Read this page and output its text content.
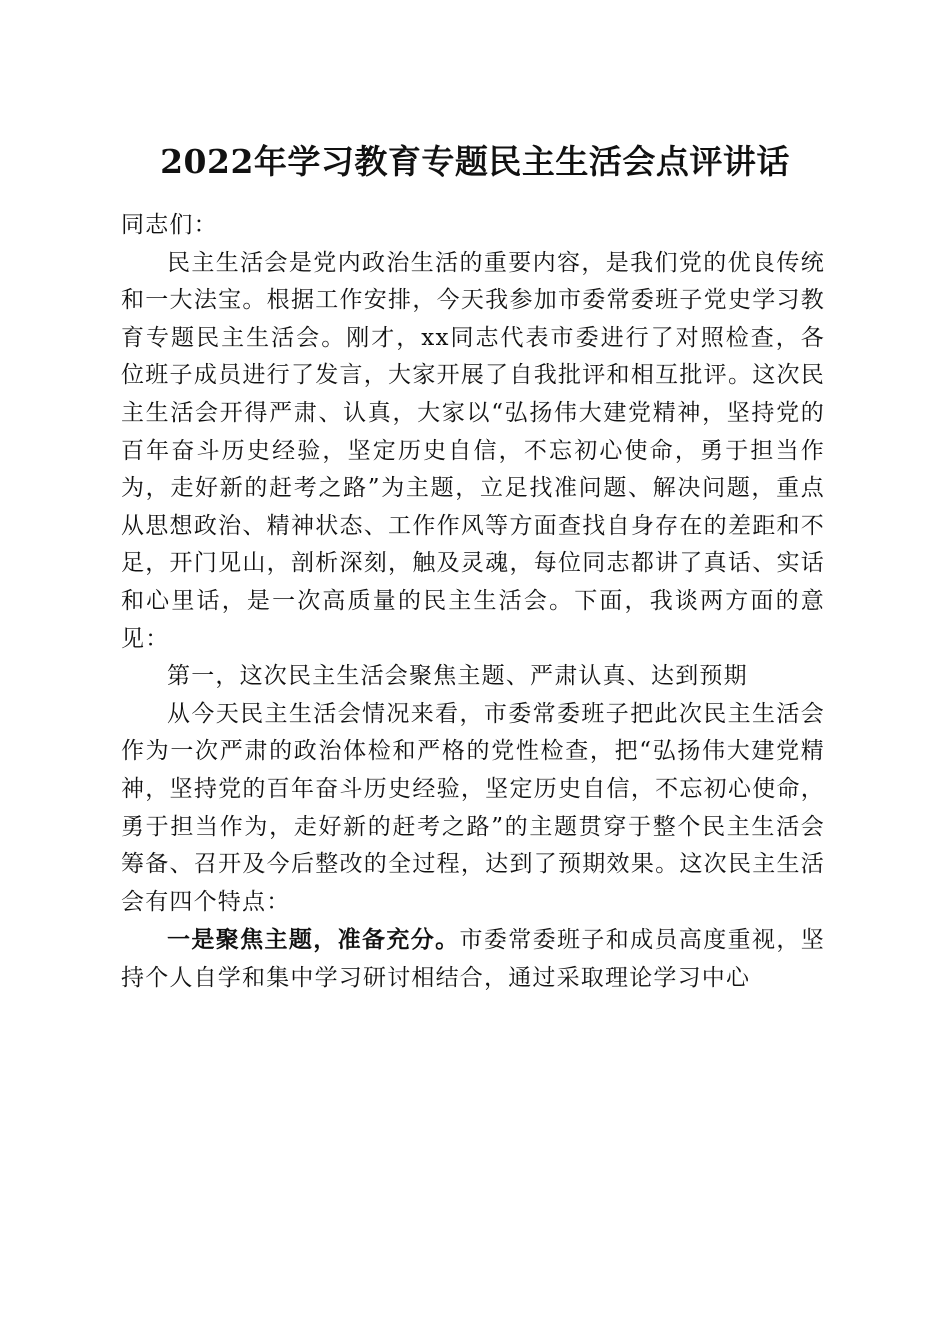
2022年学习教育专题民主生活会点评讲话

同志们：

民主生活会是党内政治生活的重要内容，是我们党的优良传统和一大法宝。根据工作安排，今天我参加市委常委班子党史学习教育专题民主生活会。刚才，xx同志代表市委进行了对照检查，各位班子成员进行了发言，大家开展了自我批评和相互批评。这次民主生活会开得严肃、认真，大家以“弘扬伟大建党精神，坚持党的百年奋斗历史经验，坚定历史自信，不忘初心使命，勇于担当作为，走好新的赶考之路”为主题，立足找准问题、解决问题，重点从思想政治、精神状态、工作作风等方面查找自身存在的差距和不足，开门见山，剖析深刻，触及灵魂，每位同志都讲了真话、实话和心里话，是一次高质量的民主生活会。下面，我谈两方面的意见：

第一，这次民主生活会聚焦主题、严肃认真、达到预期

从今天民主生活会情况来看，市委常委班子把此次民主生活会作为一次严肃的政治体检和严格的党性检查，把“弘扬伟大建党精神，坚持党的百年奋斗历史经验，坚定历史自信，不忘初心使命，勇于担当作为，走好新的赶考之路”的主题贯穿于整个民主生活会筹备、召开及今后整改的全过程，达到了预期效果。这次民主生活会有四个特点：

一是聚焦主题，准备充分。市委常委班子和成员高度重视，坚持个人自学和集中学习研讨相结合，通过采取理论学习中心
